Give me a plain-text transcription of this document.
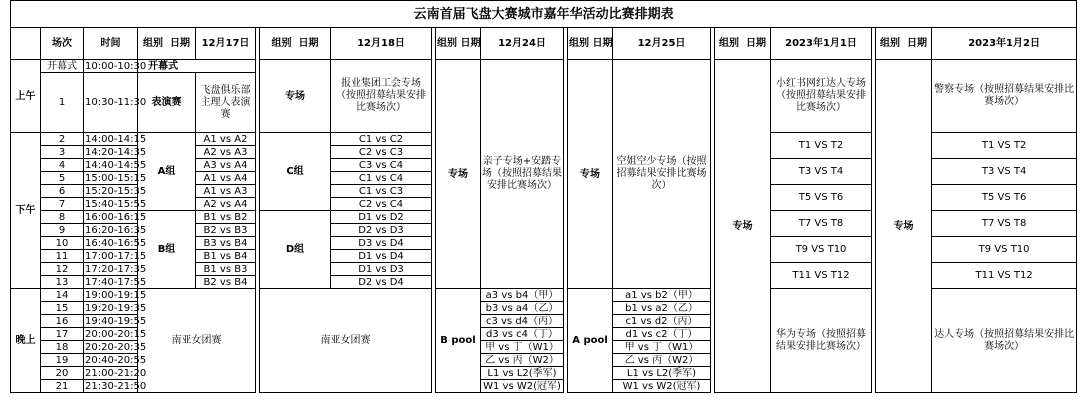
云南首届飞盘大赛城市嘉年华活动比赛排期表																			
	场次	时间	组别 日期	12月17日		组别 日期	12月18日		组别 日期	12月24日		组别 日期	12月25日		组别 日期	2023年1月1日		组别 日期	2023年1月2日
上午	开幕式	10:00-10:30	开幕式			专场	报业集团工会专场（按照招募结果安排比赛场次）		专场	亲子专场+安踏专场（按照招募结果安排比赛场次）		专场	空姐空少专场（按照招募结果安排比赛场次）		专场	小红书网红达人专场（按照招募结果安排比赛场次）		专场	警察专场（按照招募结果安排比赛场次）
	1	10:30-11:30	表演赛	飞盘俱乐部主理人表演赛															
下午	2	14:00-14:15	A组	A1 vs A2		C组	C1 vs C2									T1 VS T2			T1 VS T2
	3	14:20-14:35		A2 vs A3			C2 vs C3												
	4	14:40-14:55		A3 vs A4			C3 vs C4									T3 VS T4			T3 VS T4
	5	15:00-15:15		A1 vs A4			C1 vs C4												
	6	15:20-15:35		A1 vs A3			C1 vs C3									T5 VS T6			T5 VS T6
	7	15:40-15:55		A2 vs A4			C2 vs C4												
	8	16:00-16:15	B组	B1 vs B2		D组	D1 vs D2									T7 VS T8			T7 VS T8
	9	16:20-16:35		B2 vs B3			D2 vs D3												
	10	16:40-16:55		B3 vs B4			D3 vs D4									T9 VS T10			T9 VS T10
	11	17:00-17:15		B1 vs B4			D1 vs D4												
	12	17:20-17:35		B1 vs B3			D1 vs D3									T11 VS T12			T11 VS T12
	13	17:40-17:55		B2 vs B4			D2 vs D4												
晚上	14	19:00-19:15	南亚女团赛			南亚女团赛			B pool	a3 vs b4（甲）		A pool	a1 vs b2（甲）			华为专场（按照招募结果安排比赛场次）			达人专场（按照招募结果安排比赛场次）
	15	19:20-19:35								b3 vs a4（乙）			b1 vs a2（乙）						
	16	19:40-19:55								c3 vs d4（丙）			c1 vs d2（丙）						
	17	20:00-20:15								d3 vs c4（丁）			d1 vs c2（丁）						
	18	20:20-20:35								甲 vs 丁（W1）			甲 vs 丁（W1）						
	19	20:40-20:55								乙 vs 丙（W2）			乙 vs 丙（W2）						
	20	21:00-21:20								L1 vs L2(季军)			L1 vs L2(季军)						
	21	21:30-21:50								W1 vs W2(冠军)			W1 vs W2(冠军)						
